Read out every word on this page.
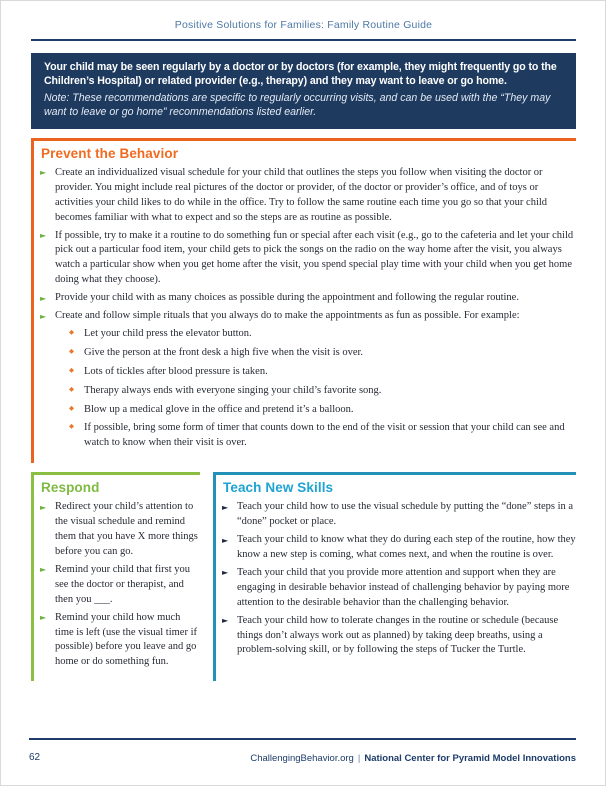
Positive Solutions for Families: Family Routine Guide
Your child may be seen regularly by a doctor or by doctors (for example, they might frequently go to the Children’s Hospital) or related provider (e.g., therapy) and they may want to leave or go home.
Note: These recommendations are specific to regularly occurring visits, and can be used with the “They may want to leave or go home” recommendations listed earlier.
Prevent the Behavior
► Create an individualized visual schedule for your child that outlines the steps you follow when visiting the doctor or provider. You might include real pictures of the doctor or provider, of the doctor or provider’s office, and of toys or activities your child likes to do while in the office. Try to follow the same routine each time you go so that your child becomes familiar with what to expect and so the steps are as routine as possible.
► If possible, try to make it a routine to do something fun or special after each visit (e.g., go to the cafeteria and let your child pick out a particular food item, your child gets to pick the songs on the radio on the way home after the visit, you always watch a particular show when you get home after the visit, you spend special play time with your child when you get home doing what they choose).
► Provide your child with as many choices as possible during the appointment and following the regular routine.
► Create and follow simple rituals that you always do to make the appointments as fun as possible. For example:
◆ Let your child press the elevator button.
◆ Give the person at the front desk a high five when the visit is over.
◆ Lots of tickles after blood pressure is taken.
◆ Therapy always ends with everyone singing your child’s favorite song.
◆ Blow up a medical glove in the office and pretend it’s a balloon.
◆ If possible, bring some form of timer that counts down to the end of the visit or session that your child can see and watch to know when their visit is over.
Respond
► Redirect your child’s attention to the visual schedule and remind them that you have X more things before you can go.
► Remind your child that first you see the doctor or therapist, and then you ___.
► Remind your child how much time is left (use the visual timer if possible) before you leave and go home or do something fun.
Teach New Skills
► Teach your child how to use the visual schedule by putting the “done” steps in a “done” pocket or place.
► Teach your child to know what they do during each step of the routine, how they know a new step is coming, what comes next, and when the routine is over.
► Teach your child that you provide more attention and support when they are engaging in desirable behavior instead of challenging behavior by paying more attention to the desirable behavior than the challenging behavior.
► Teach your child how to tolerate changes in the routine or schedule (because things don’t always work out as planned) by taking deep breaths, using a problem-solving skill, or by following the steps of Tucker the Turtle.
62	ChallengingBehavior.org | National Center for Pyramid Model Innovations
